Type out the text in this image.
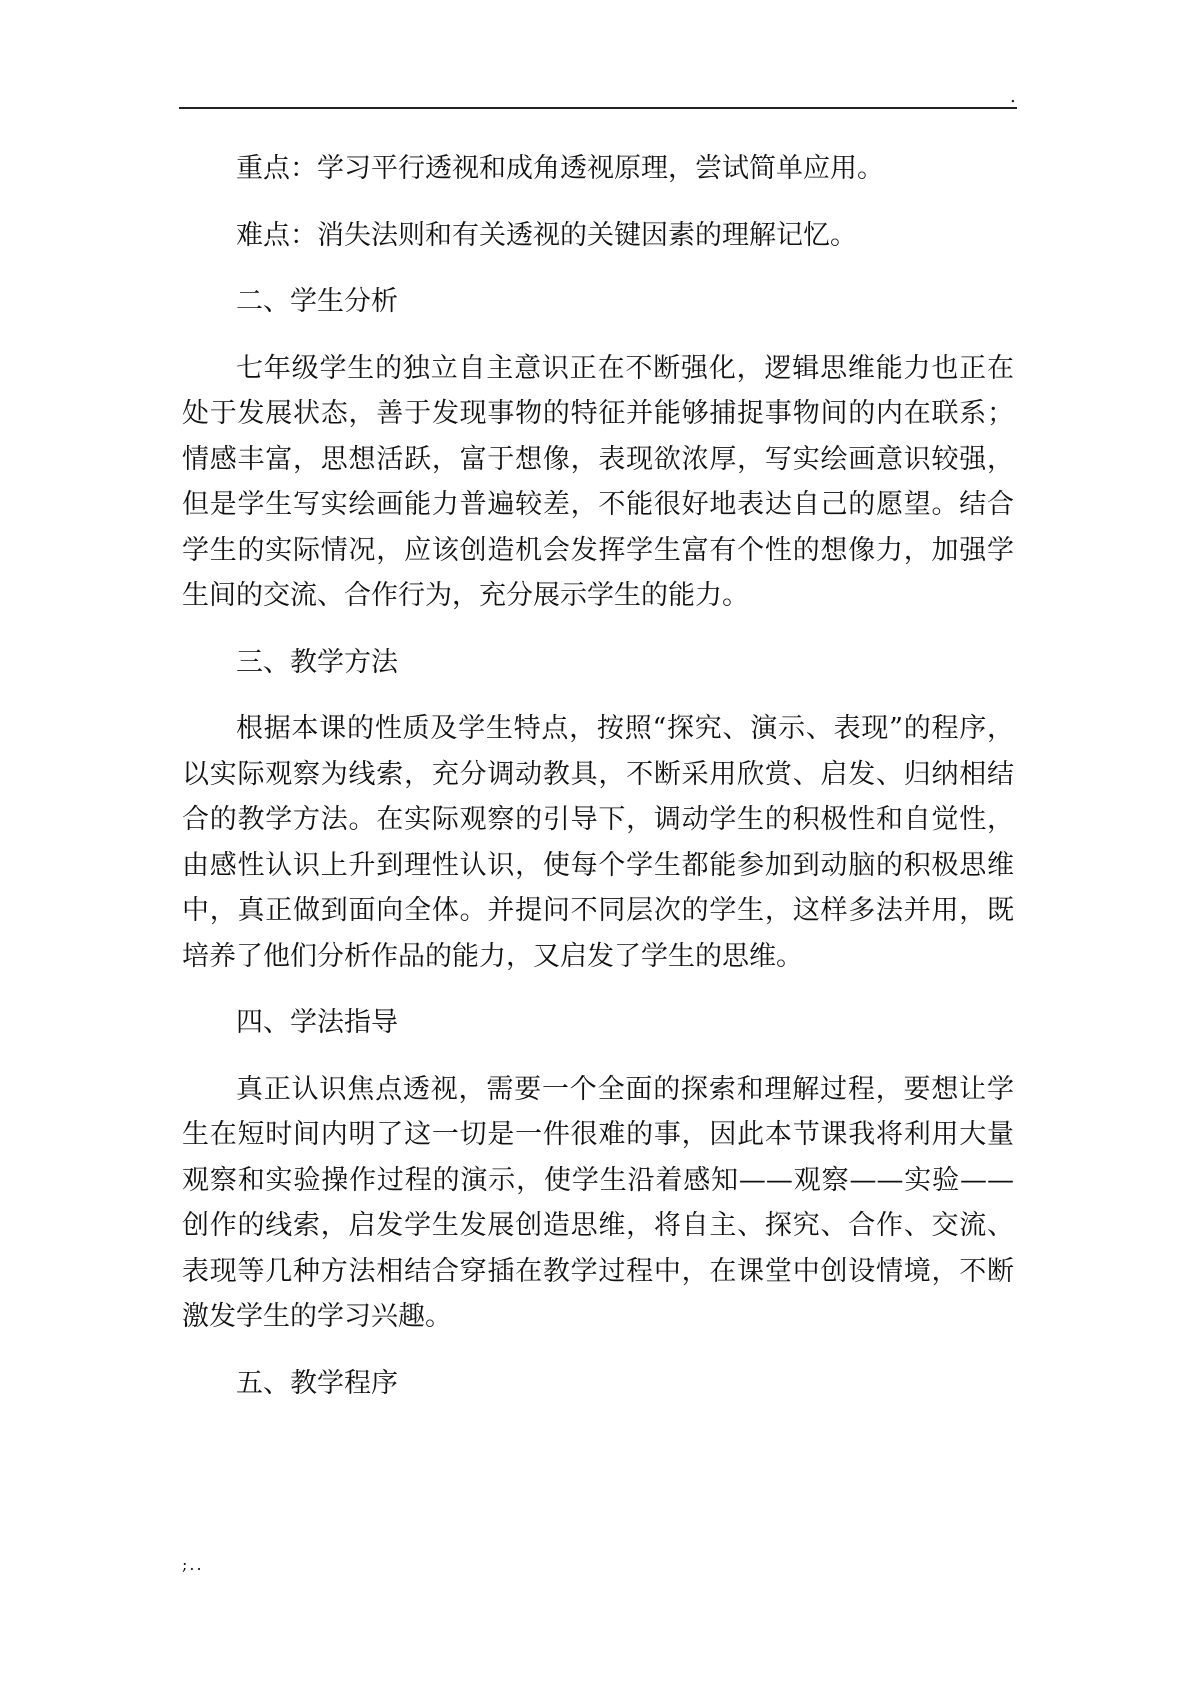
.

重点：学习平行透视和成角透视原理，尝试简单应用。

难点：消失法则和有关透视的关键因素的理解记忆。

二、学生分析

七年级学生的独立自主意识正在不断强化，逻辑思维能力也正在处于发展状态，善于发现事物的特征并能够捕捉事物间的内在联系；情感丰富，思想活跃，富于想像，表现欲浓厚，写实绘画意识较强，但是学生写实绘画能力普遍较差，不能很好地表达自己的愿望。结合学生的实际情况，应该创造机会发挥学生富有个性的想像力，加强学生间的交流、合作行为，充分展示学生的能力。

三、教学方法

根据本课的性质及学生特点，按照“探究、演示、表现”的程序，以实际观察为线索，充分调动教具，不断采用欣赏、启发、归纳相结合的教学方法。在实际观察的引导下，调动学生的积极性和自觉性，由感性认识上升到理性认识，使每个学生都能参加到动脑的积极思维中，真正做到面向全体。并提问不同层次的学生，这样多法并用，既培养了他们分析作品的能力，又启发了学生的思维。

四、学法指导

真正认识焦点透视，需要一个全面的探索和理解过程，要想让学生在短时间内明了这一切是一件很难的事，因此本节课我将利用大量观察和实验操作过程的演示，使学生沿着感知——观察——实验——创作的线索，启发学生发展创造思维，将自主、探究、合作、交流、表现等几种方法相结合穿插在教学过程中，在课堂中创设情境，不断激发学生的学习兴趣。

五、教学程序

;..
